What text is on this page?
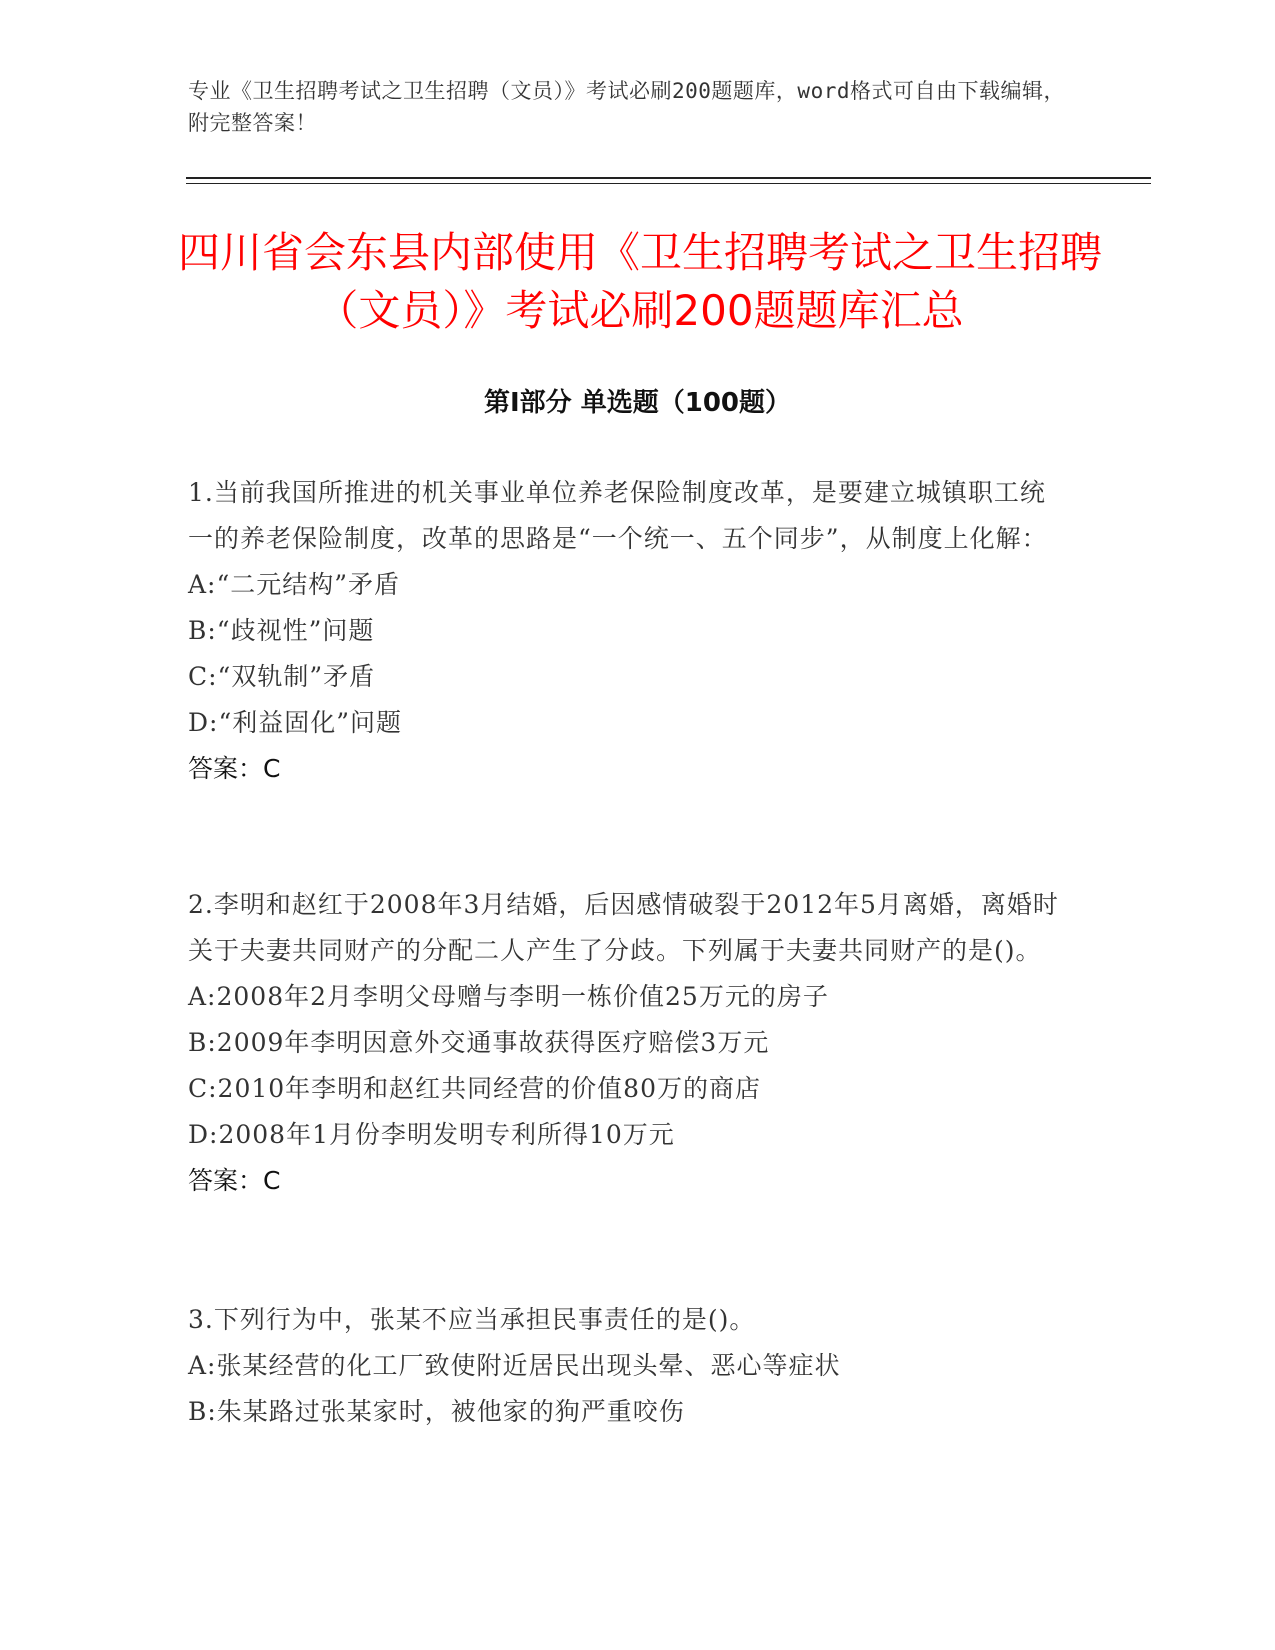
专业《卫生招聘考试之卫生招聘（文员）》考试必刷200题题库，word格式可自由下载编辑，附完整答案！
四川省会东县内部使用《卫生招聘考试之卫生招聘（文员）》考试必刷200题题库汇总
第I部分 单选题（100题）

1.当前我国所推进的机关事业单位养老保险制度改革，是要建立城镇职工统一的养老保险制度，改革的思路是“一个统一、五个同步”，从制度上化解：

A:“二元结构”矛盾

B:“歧视性”问题

C:“双轨制”矛盾

D:“利益固化”问题

答案：C

2.李明和赵红于2008年3月结婚，后因感情破裂于2012年5月离婚，离婚时关于夫妻共同财产的分配二人产生了分歧。下列属于夫妻共同财产的是()。

A:2008年2月李明父母赠与李明一栋价值25万元的房子

B:2009年李明因意外交通事故获得医疗赔偿3万元

C:2010年李明和赵红共同经营的价值80万的商店

D:2008年1月份李明发明专利所得10万元

答案：C

3.下列行为中，张某不应当承担民事责任的是()。

A:张某经营的化工厂致使附近居民出现头晕、恶心等症状

B:朱某路过张某家时，被他家的狗严重咬伤
